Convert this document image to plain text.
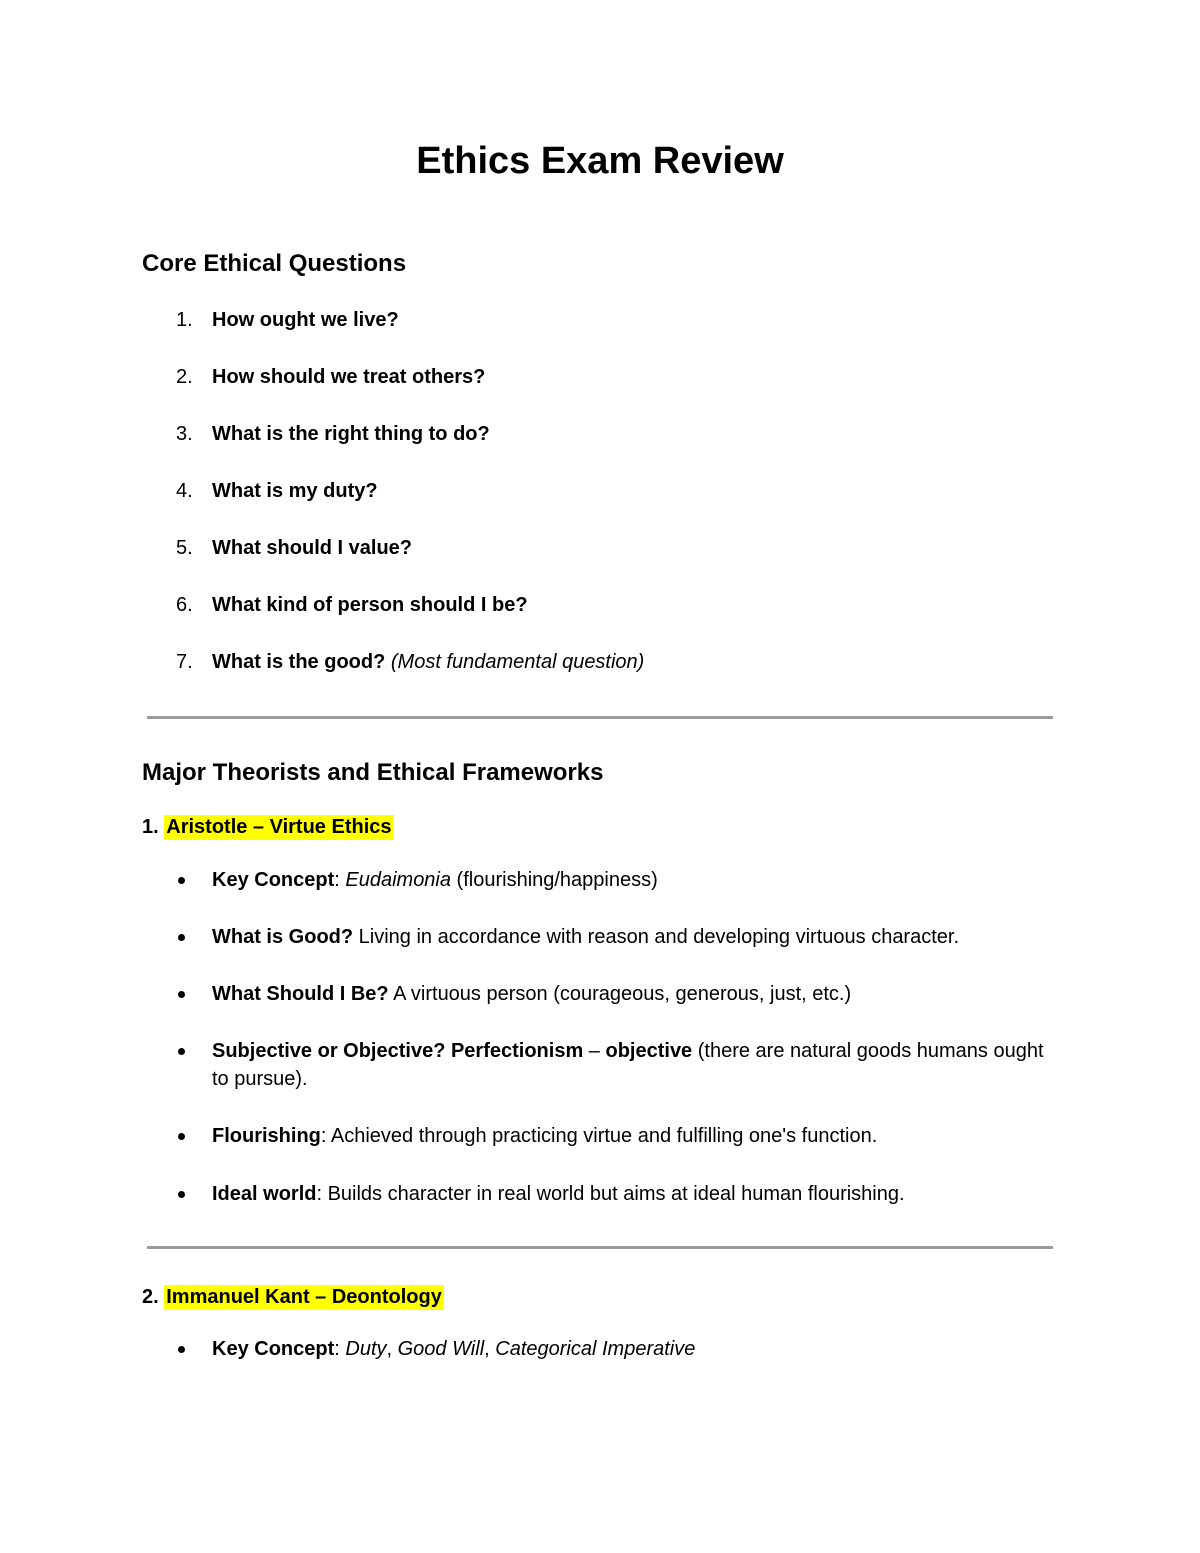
Ethics Exam Review
Core Ethical Questions
1. How ought we live?
2. How should we treat others?
3. What is the right thing to do?
4. What is my duty?
5. What should I value?
6. What kind of person should I be?
7. What is the good? (Most fundamental question)
Major Theorists and Ethical Frameworks
1. Aristotle – Virtue Ethics
Key Concept: Eudaimonia (flourishing/happiness)
What is Good? Living in accordance with reason and developing virtuous character.
What Should I Be? A virtuous person (courageous, generous, just, etc.)
Subjective or Objective? Perfectionism – objective (there are natural goods humans ought to pursue).
Flourishing: Achieved through practicing virtue and fulfilling one's function.
Ideal world: Builds character in real world but aims at ideal human flourishing.
2. Immanuel Kant – Deontology
Key Concept: Duty, Good Will, Categorical Imperative
